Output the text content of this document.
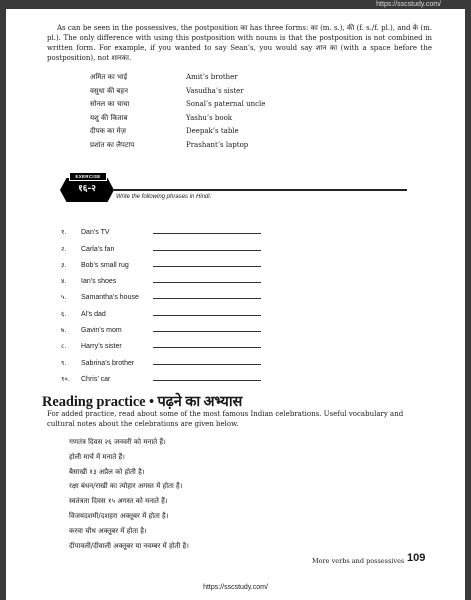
https://sscstudy.com/

As can be seen in the possessives, the postposition का has three forms: का (m. s.), की (f. s./f. pl.), and के (m. pl.). The only difference with using this postposition with nouns is that the postposition is not combined in written form. For example, if you wanted to say Sean’s, you would say शान का (with a space before the postposition), not शानका.

अमित का भाई	Amit’s brother
वसुधा की बहन	Vasudha’s sister
सोनल का चाचा	Sonal’s paternal uncle
यशु की किताब	Yashu’s book
दीपक का मेज़	Deepak’s table
प्रशांत का लैपटाप	Prashant’s laptop
EXERCISE
१६-२
Write the following phrases in Hindi.
१.	Dan’s TV
२.	Carla’s fan
३.	Bob’s small rug
४.	Ian’s shoes
५.	Samantha’s house
६.	Al’s dad
७.	Gavin’s mom
८.	Harry’s sister
९.	Sabrina’s brother
१०.	Chris’ car
Reading practice • पढ़ने का अभ्यास

For added practice, read about some of the most famous Indian celebrations. Useful vocabulary and cultural notes about the celebrations are given below.

गणतंत्र दिवस २६ जनवरी को मनाते हैं।
होली मार्च में मनाते हैं।
बैसाखी १३ अप्रैल को होती है।
रक्षा बंधन/राखी का त्योहार अगस्त में होता है।
स्वतंत्रता दिवस १५ अगस्त को मनाते हैं।
विजयदशमी/दशहरा अक्तूबर में होता है।
करवा चौथ अक्तूबर में होता है।
दीपावली/दीवाली अक्तूबर या नवम्बर में होती है।
More verbs and possessives 109
https://sscstudy.com/
